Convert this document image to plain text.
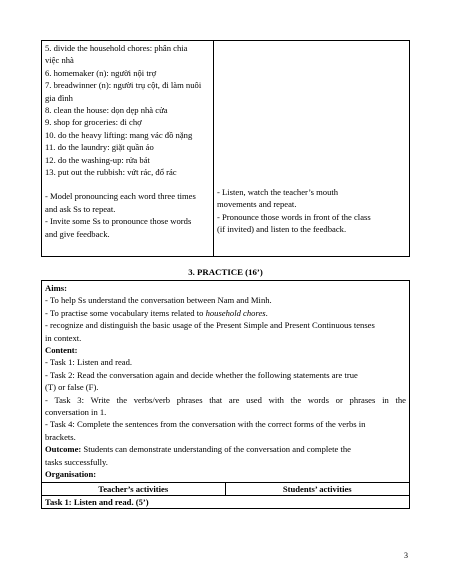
5. divide the household chores: phân chia
việc nhà
6. homemaker (n): người nội trợ
7. breadwinner (n): người trụ cột, đi làm nuôi
gia đình
8. clean the house: dọn dẹp nhà cửa
9. shop for groceries: đi chợ
10. do the heavy lifting: mang vác đồ nặng
11. do the laundry: giặt quần áo
12. do the washing-up: rửa bát
13. put out the rubbish: vứt rác, đổ rác
- Model pronouncing each word three times
and ask Ss to repeat.
- Invite some Ss to pronounce those words
and give feedback.
- Listen, watch the teacher’s mouth
movements and repeat.
- Pronounce those words in front of the class
(if invited) and listen to the feedback.
3. PRACTICE (16’)
Aims:
- To help Ss understand the conversation between Nam and Minh.
- To practise some vocabulary items related to household chores.
- recognize and distinguish the basic usage of the Present Simple and Present Continuous tenses
in context.
Content:
- Task 1: Listen and read.
- Task 2: Read the conversation again and decide whether the following statements are true
(T) or false (F).
- Task 3: Write the verbs/verb phrases that are used with the words or phrases in the
conversation in 1.
- Task 4: Complete the sentences from the conversation with the correct forms of the verbs in
brackets.
Outcome: Students can demonstrate understanding of the conversation and complete the
tasks successfully.
Organisation:
Teacher’s activities	Students’ activities
Task 1: Listen and read. (5’)
3
